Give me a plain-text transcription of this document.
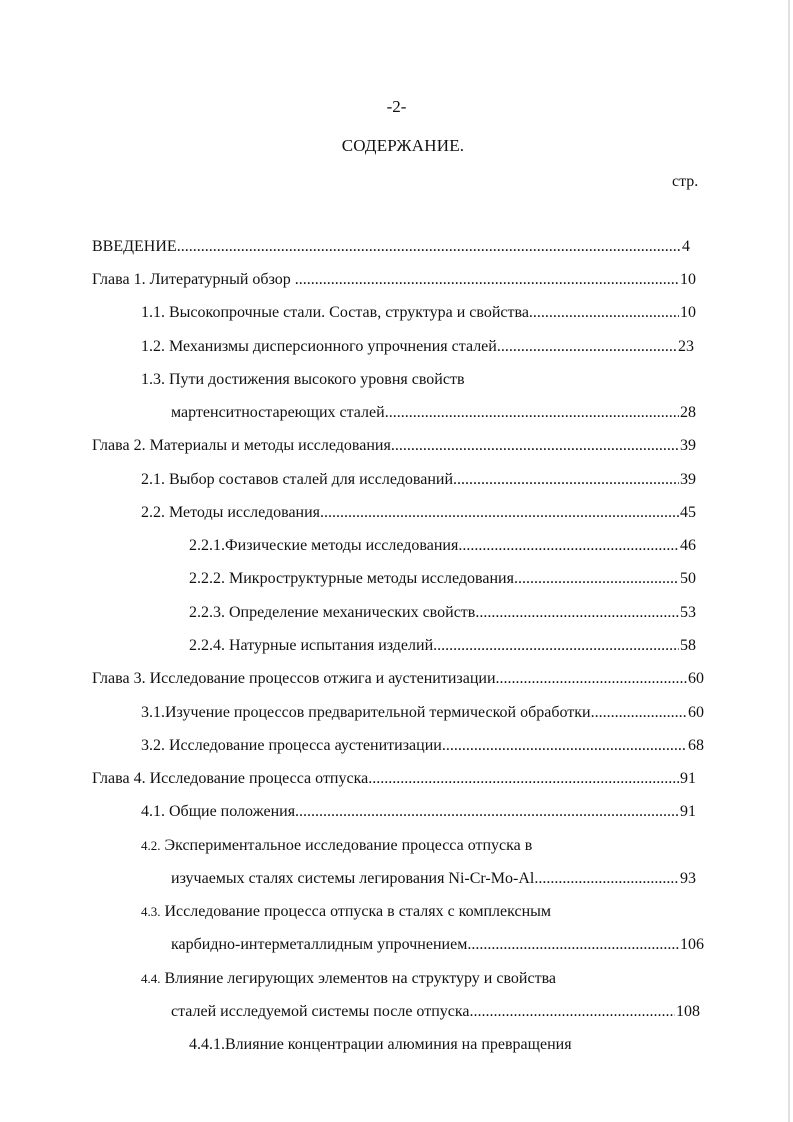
-2-
СОДЕРЖАНИЕ.
стр.
ВВЕДЕНИЕ .....	4
Глава 1. Литературный обзор .....	10
1.1. Высокопрочные стали. Состав, структура и свойства .....	10
1.2. Механизмы дисперсионного упрочнения сталей .....	23
1.3. Пути достижения высокого уровня свойств
мартенситностареющих сталей .....	28
Глава 2. Материалы и методы исследования .....	39
2.1. Выбор составов сталей для исследований .....	39
2.2. Методы исследования .....	45
2.2.1.Физические методы исследования .....	46
2.2.2. Микроструктурные методы исследования .....	50
2.2.3. Определение механических свойств .....	53
2.2.4. Натурные испытания изделий .....	58
Глава 3. Исследование процессов отжига и аустенитизации .....	60
3.1.Изучение процессов предварительной термической обработки .....	60
3.2. Исследование процесса аустенитизации .....	68
Глава 4. Исследование процесса отпуска .....	91
4.1. Общие положения .....	91
4.2. Экспериментальное исследование процесса отпуска в
изучаемых сталях системы легирования Ni-Cr-Mo-Al .....	93
4.3. Исследование процесса отпуска в сталях с комплексным
карбидно-интерметаллидным упрочнением .....	106
4.4. Влияние легирующих элементов на структуру и свойства
сталей исследуемой системы после отпуска .....	108
4.4.1.Влияние концентрации алюминия на превращения
